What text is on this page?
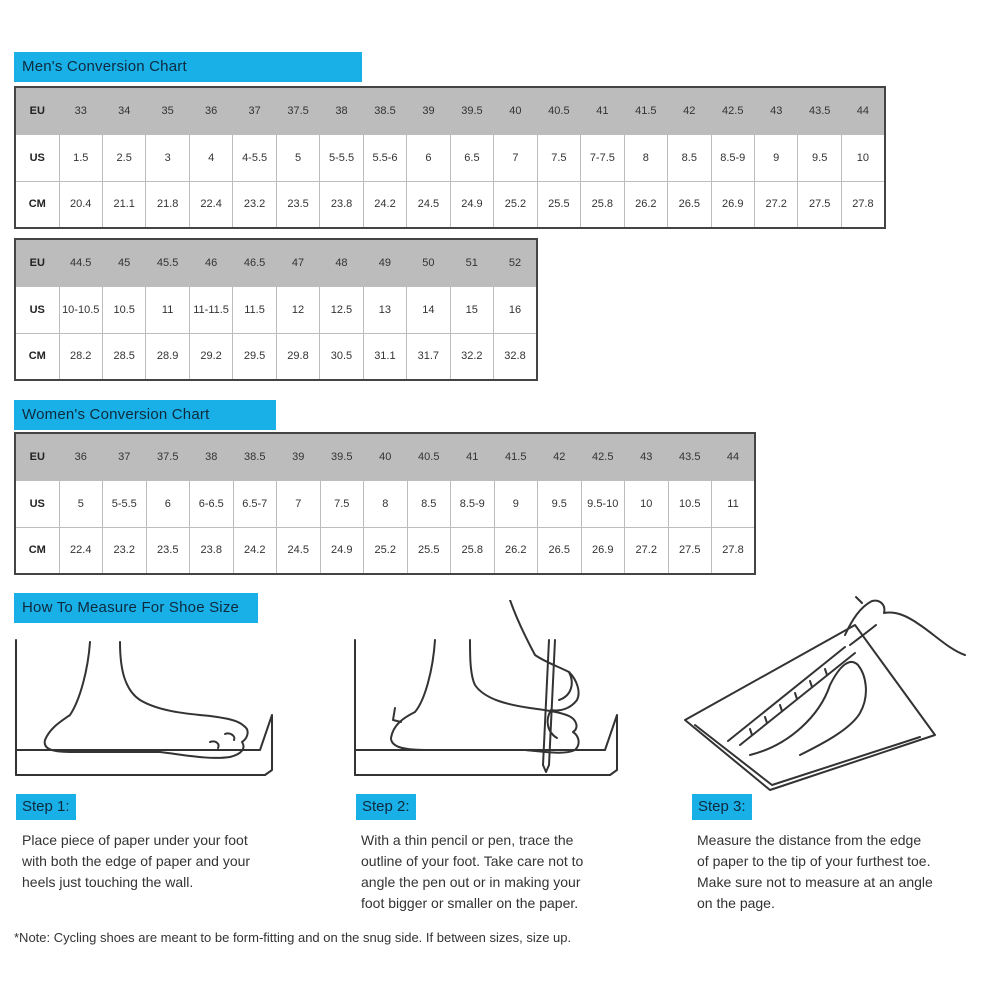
Men's Conversion Chart
EU	33	34	35	36	37	37.5	38	38.5	39	39.5	40	40.5	41	41.5	42	42.5	43	43.5	44
US	1.5	2.5	3	4	4-5.5	5	5-5.5	5.5-6	6	6.5	7	7.5	7-7.5	8	8.5	8.5-9	9	9.5	10
CM	20.4	21.1	21.8	22.4	23.2	23.5	23.8	24.2	24.5	24.9	25.2	25.5	25.8	26.2	26.5	26.9	27.2	27.5	27.8
EU	44.5	45	45.5	46	46.5	47	48	49	50	51	52
US	10-10.5	10.5	11	11-11.5	11.5	12	12.5	13	14	15	16
CM	28.2	28.5	28.9	29.2	29.5	29.8	30.5	31.1	31.7	32.2	32.8
Women's Conversion Chart
EU	36	37	37.5	38	38.5	39	39.5	40	40.5	41	41.5	42	42.5	43	43.5	44
US	5	5-5.5	6	6-6.5	6.5-7	7	7.5	8	8.5	8.5-9	9	9.5	9.5-10	10	10.5	11
CM	22.4	23.2	23.5	23.8	24.2	24.5	24.9	25.2	25.5	25.8	26.2	26.5	26.9	27.2	27.5	27.8
How To Measure For Shoe Size
Step 1:	Step 2:	Step 3:
Place piece of paper under your foot
with both the edge of paper and your
heels just touching the wall.
With a thin pencil or pen, trace the
outline of your foot. Take care not to
angle the pen out or in making your
foot bigger or smaller on the paper.
Measure the distance from the edge
of paper to the tip of your furthest toe.
Make sure not to measure at an angle
on the page.
*Note: Cycling shoes are meant to be form-fitting and on the snug side. If between sizes, size up.
